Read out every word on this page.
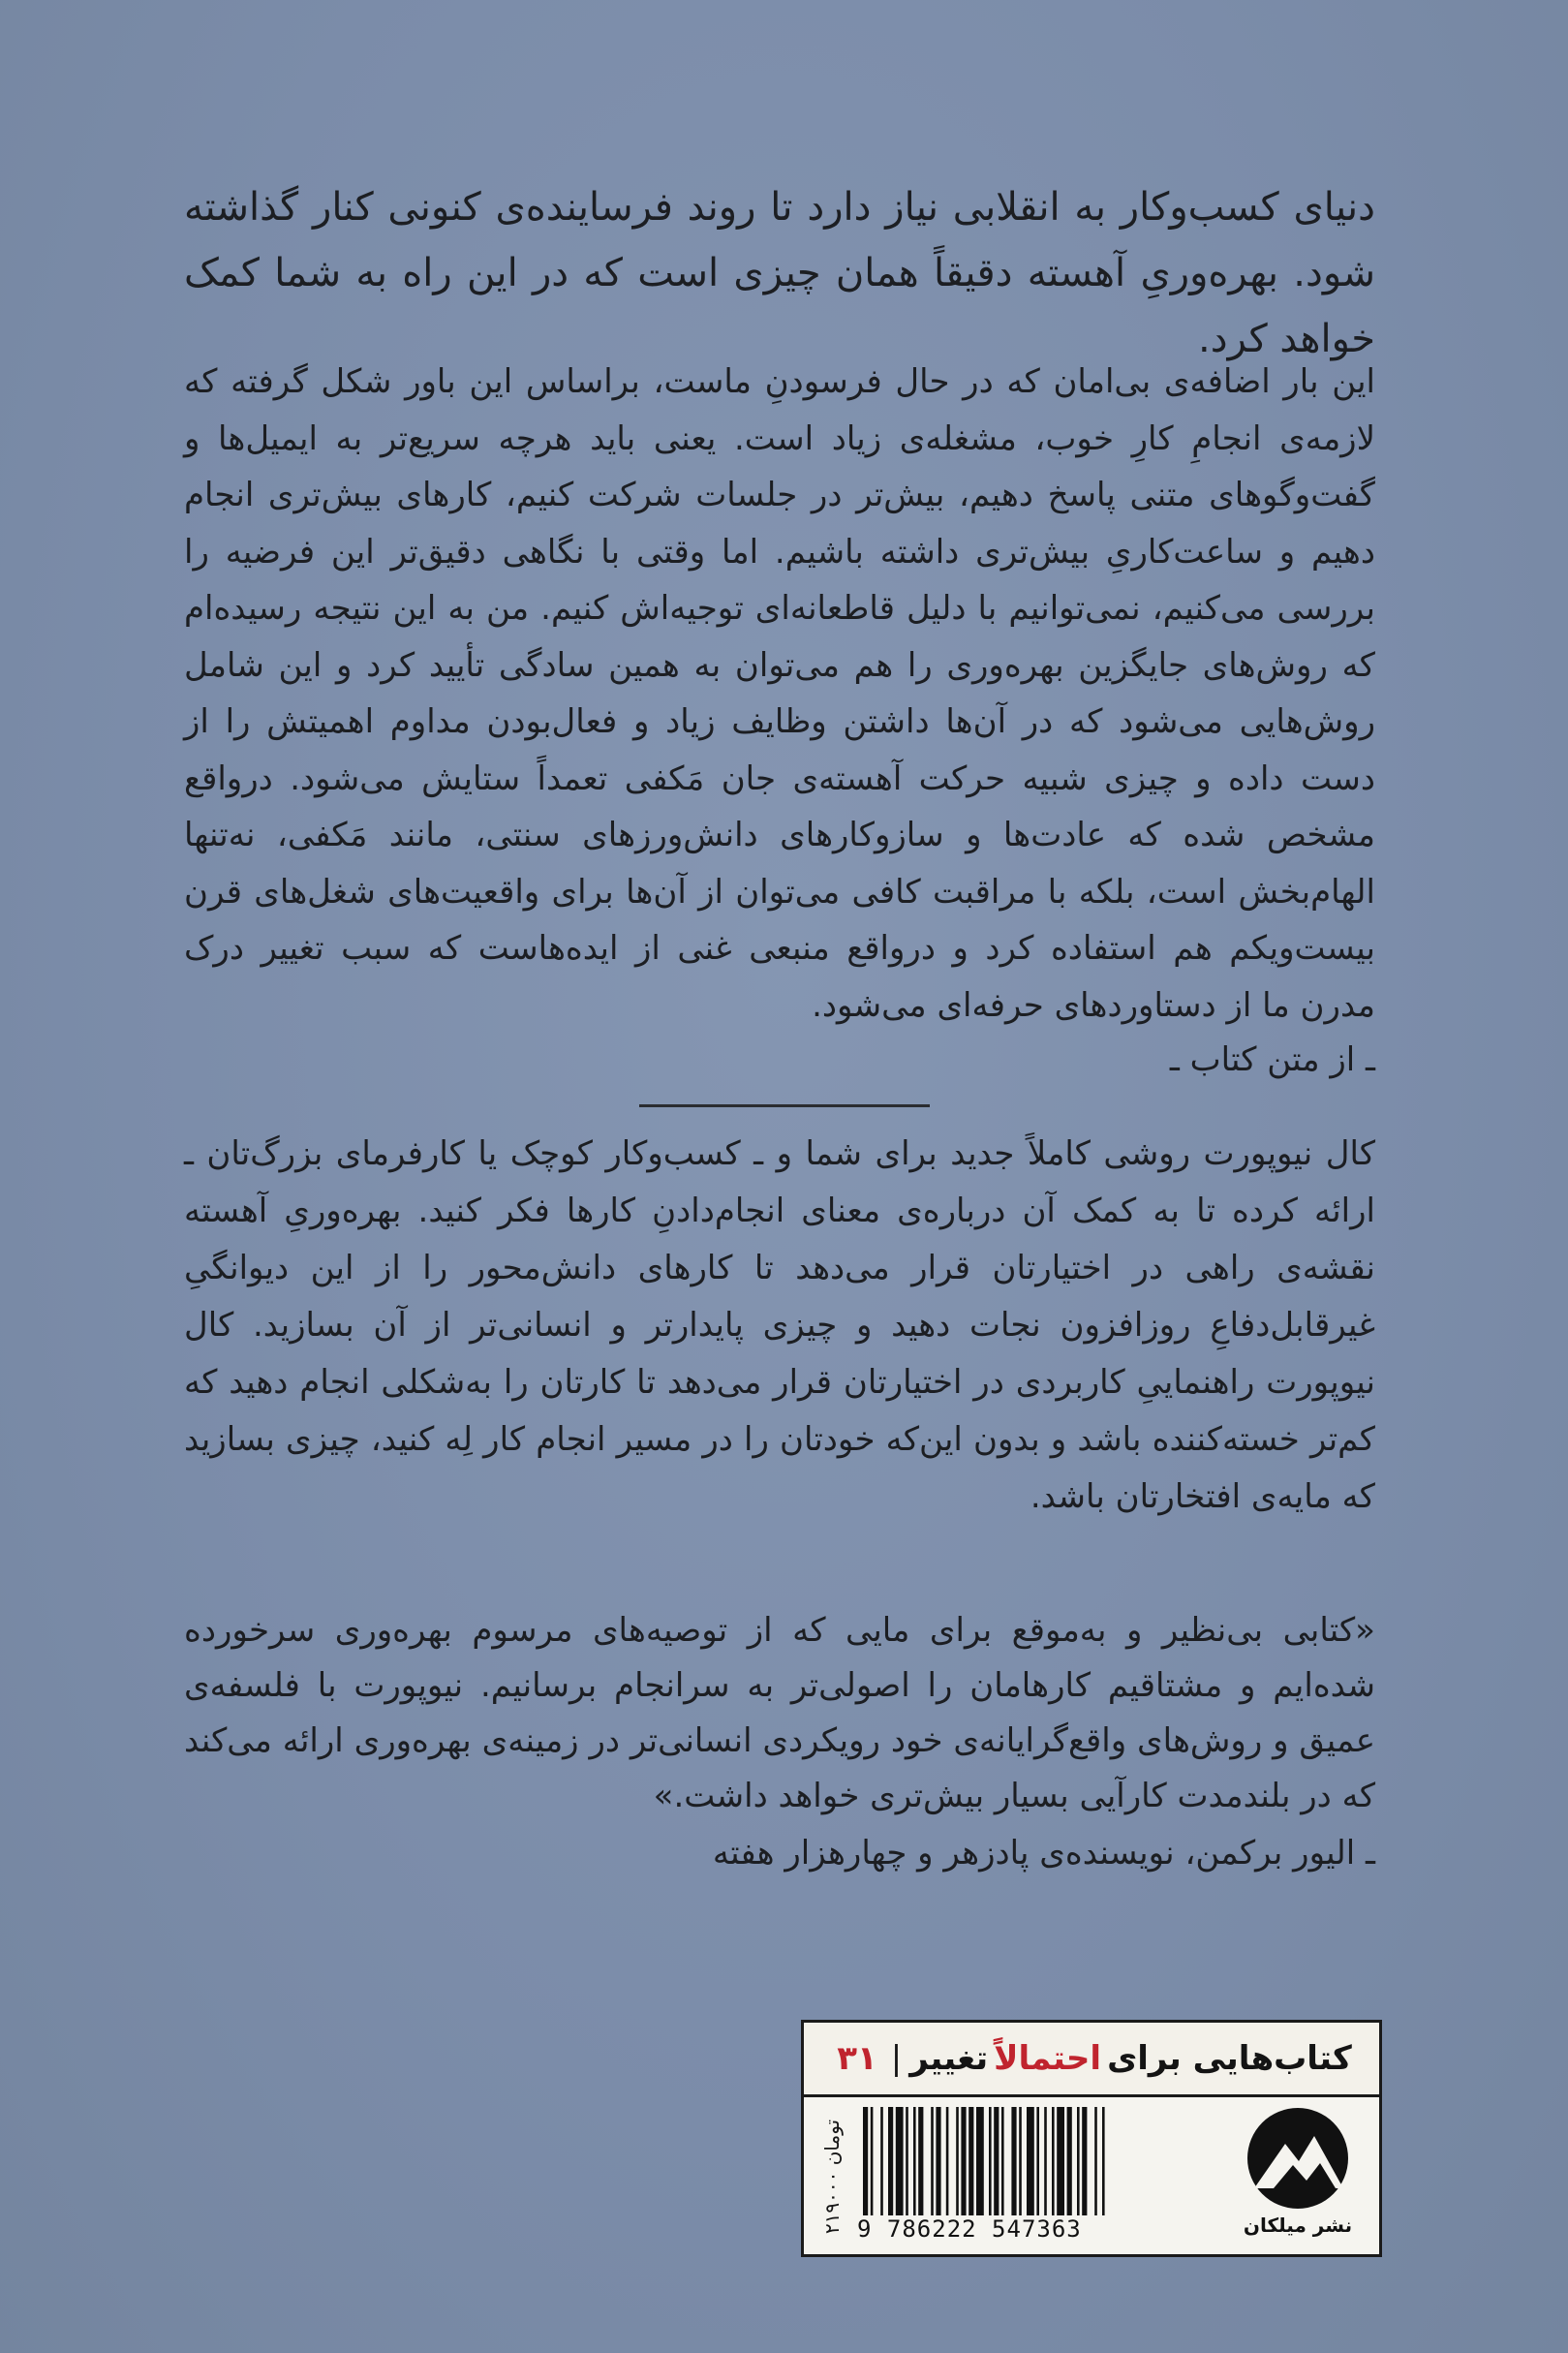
دنیای کسب‌وکار به انقلابی نیاز دارد تا روند فرساینده‌ی کنونی کنار گذاشته شود. بهره‌وریِ آهسته دقیقاً همان چیزی است که در این راه به شما کمک خواهد کرد.

این بار اضافه‌ی بی‌امان که در حال فرسودنِ ماست، براساس این باور شکل گرفته که لازمه‌ی انجامِ کارِ خوب، مشغله‌ی زیاد است. یعنی باید هرچه سریع‌تر به ایمیل‌ها و گفت‌وگوهای متنی پاسخ دهیم، بیش‌تر در جلسات شرکت کنیم، کارهای بیش‌تری انجام دهیم و ساعت‌کاریِ بیش‌تری داشته باشیم. اما وقتی با نگاهی دقیق‌تر این فرضیه را بررسی می‌کنیم، نمی‌توانیم با دلیل قاطعانه‌ای توجیه‌اش کنیم. من به این نتیجه رسیده‌ام که روش‌های جایگزین بهره‌وری را هم می‌توان به همین سادگی تأیید کرد و این شامل روش‌هایی می‌شود که در آن‌ها داشتن وظایف زیاد و فعال‌بودن مداوم اهمیتش را از دست داده و چیزی شبیه حرکت آهسته‌ی جان مَکفی تعمداً ستایش می‌شود. درواقع مشخص شده که عادت‌ها و سازوکارهای دانش‌ورزهای سنتی، مانند مَکفی، نه‌تنها الهام‌بخش است، بلکه با مراقبت کافی می‌توان از آن‌ها برای واقعیت‌های شغل‌های قرن بیست‌ویکم هم استفاده کرد و درواقع منبعی غنی از ایده‌هاست که سبب تغییر درک مدرن ما از دستاوردهای حرفه‌ای می‌شود.

ـ از متن کتاب ـ

کال نیوپورت روشی کاملاً جدید برای شما و ـ کسب‌وکار کوچک یا کارفرمای بزرگ‌تان ـ ارائه کرده تا به کمک آن درباره‌ی معنای انجام‌دادنِ کارها فکر کنید. بهره‌وریِ آهسته نقشه‌ی راهی در اختیارتان قرار می‌دهد تا کارهای دانش‌محور را از این دیوانگیِ غیرقابل‌دفاعِ روزافزون نجات دهید و چیزی پایدارتر و انسانی‌تر از آن بسازید. کال نیوپورت راهنماییِ کاربردی در اختیارتان قرار می‌دهد تا کارتان را به‌شکلی انجام دهید که کم‌تر خسته‌کننده باشد و بدون این‌که خودتان را در مسیر انجام کار لِه کنید، چیزی بسازید که مایه‌ی افتخارتان باشد.

«کتابی بی‌نظیر و به‌موقع برای مایی که از توصیه‌های مرسوم بهره‌وری سرخورده شده‌ایم و مشتاقیم کارهامان را اصولی‌تر به سرانجام برسانیم. نیوپورت با فلسفه‌ی عمیق و روش‌های واقع‌گرایانه‌ی خود رویکردی انسانی‌تر در زمینه‌ی بهره‌وری ارائه می‌کند که در بلندمدت کارآیی بسیار بیش‌تری خواهد داشت.»

ـ الیور برکمن، نویسنده‌ی پادزهر و چهارهزار هفته

کتاب‌هایی برای
احتمالاً
تغییر
|
۳۱
۲۱۹۰۰۰ تومان
9 786222 547363	نشر میلکان
